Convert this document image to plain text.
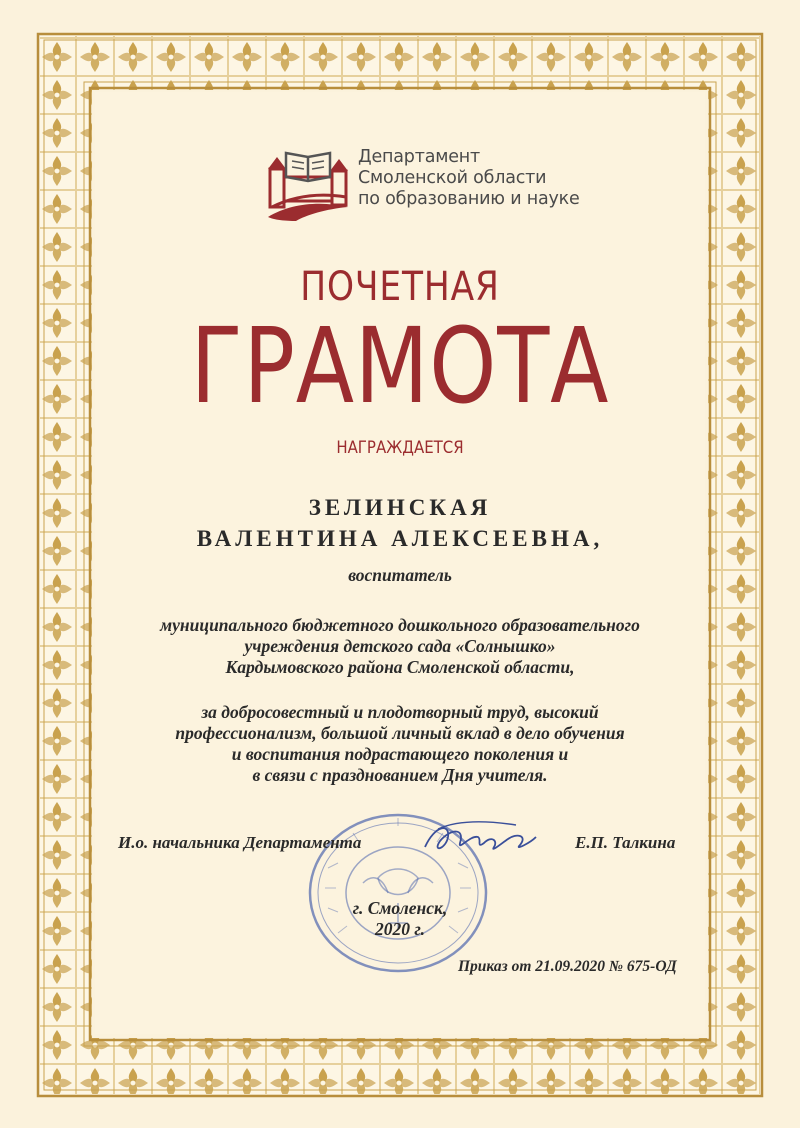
Департамент
Смоленской области
по образованию и науке
ПОЧЕТНАЯ
ГРАМОТА
НАГРАЖДАЕТСЯ
ЗЕЛИНСКАЯ
ВАЛЕНТИНА АЛЕКСЕЕВНА,
воспитатель
муниципального бюджетного дошкольного образовательного
учреждения детского сада «Солнышко»
Кардымовского района Смоленской области,
за добросовестный и плодотворный труд, высокий
профессионализм, большой личный вклад в дело обучения
и воспитания подрастающего поколения и
в связи с празднованием Дня учителя.
И.о. начальника Департамента	Е.П. Талкина
г. Смоленск,
2020 г.
Приказ от 21.09.2020 № 675-ОД
